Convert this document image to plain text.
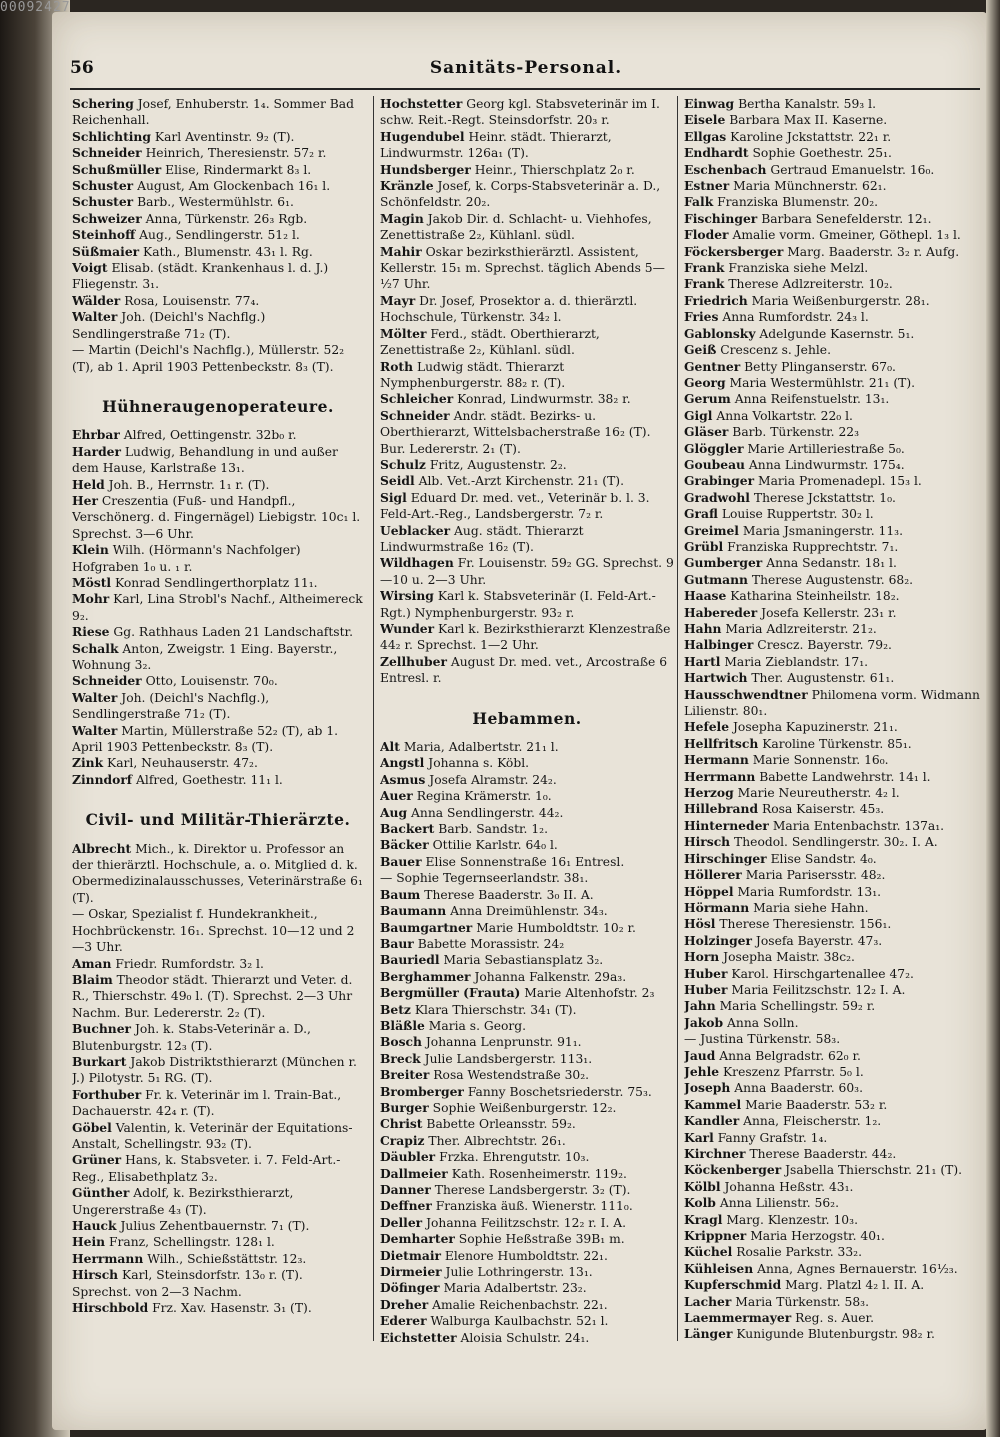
00092427
56	Sanitäts-Personal.
Schering Josef, Enhuberstr. 1₄. Sommer Bad Reichenhall.
Schlichting Karl Aventinstr. 9₂ (T).
Schneider Heinrich, Theresienstr. 57₂ r.
Schußmüller Elise, Rindermarkt 8₃ l.
Schuster August, Am Glockenbach 16₁ l.
Schuster Barb., Westermühlstr. 6₁.
Schweizer Anna, Türkenstr. 26₃ Rgb.
Steinhoff Aug., Sendlingerstr. 51₂ l.
Süßmaier Kath., Blumenstr. 43₁ l. Rg.
Voigt Elisab. (städt. Krankenhaus l. d. J.) Fliegenstr. 3₁.
Wälder Rosa, Louisenstr. 77₄.
Walter Joh. (Deichl's Nachflg.) Sendlingerstraße 71₂ (T).
— Martin (Deichl's Nachflg.), Müllerstr. 52₂ (T), ab 1. April 1903 Pettenbeckstr. 8₃ (T).
Hühneraugenoperateure.
Ehrbar Alfred, Oettingenstr. 32b₀ r.
Harder Ludwig, Behandlung in und außer dem Hause, Karlstraße 13₁.
Held Joh. B., Herrnstr. 1₁ r. (T).
Her Creszentia (Fuß- und Handpfl., Verschönerg. d. Fingernägel) Liebigstr. 10c₁ l. Sprechst. 3—6 Uhr.
Klein Wilh. (Hörmann's Nachfolger) Hofgraben 1₀ u. ₁ r.
Möstl Konrad Sendlingerthorplatz 11₁.
Mohr Karl, Lina Strobl's Nachf., Altheimereck 9₂.
Riese Gg. Rathhaus Laden 21 Landschaftstr.
Schalk Anton, Zweigstr. 1 Eing. Bayerstr., Wohnung 3₂.
Schneider Otto, Louisenstr. 70₀.
Walter Joh. (Deichl's Nachflg.), Sendlingerstraße 71₂ (T).
Walter Martin, Müllerstraße 52₂ (T), ab 1. April 1903 Pettenbeckstr. 8₃ (T).
Zink Karl, Neuhauserstr. 47₂.
Zinndorf Alfred, Goethestr. 11₁ l.
Civil- und Militär-Thierärzte.
Albrecht Mich., k. Direktor u. Professor an der thierärztl. Hochschule, a. o. Mitglied d. k. Obermedizinalausschusses, Veterinärstraße 6₁ (T).
— Oskar, Spezialist f. Hundekrankheit., Hochbrückenstr. 16₁. Sprechst. 10—12 und 2—3 Uhr.
Aman Friedr. Rumfordstr. 3₂ l.
Blaim Theodor städt. Thierarzt und Veter. d. R., Thierschstr. 49₀ l. (T). Sprechst. 2—3 Uhr Nachm. Bur. Ledererstr. 2₂ (T).
Buchner Joh. k. Stabs-Veterinär a. D., Blutenburgstr. 12₃ (T).
Burkart Jakob Distriktsthierarzt (München r. J.) Pilotystr. 5₁ RG. (T).
Forthuber Fr. k. Veterinär im l. Train-Bat., Dachauerstr. 42₄ r. (T).
Göbel Valentin, k. Veterinär der Equitations-Anstalt, Schellingstr. 93₂ (T).
Grüner Hans, k. Stabsveter. i. 7. Feld-Art.-Reg., Elisabethplatz 3₂.
Günther Adolf, k. Bezirksthierarzt, Ungererstraße 4₃ (T).
Hauck Julius Zehentbauernstr. 7₁ (T).
Hein Franz, Schellingstr. 128₁ l.
Herrmann Wilh., Schießstättstr. 12₃.
Hirsch Karl, Steinsdorfstr. 13₀ r. (T). Sprechst. von 2—3 Nachm.
Hirschbold Frz. Xav. Hasenstr. 3₁ (T).
Hochstetter Georg kgl. Stabsveterinär im I. schw. Reit.-Regt. Steinsdorfstr. 20₃ r.
Hugendubel Heinr. städt. Thierarzt, Lindwurmstr. 126a₁ (T).
Hundsberger Heinr., Thierschplatz 2₀ r.
Kränzle Josef, k. Corps-Stabsveterinär a. D., Schönfeldstr. 20₂.
Magin Jakob Dir. d. Schlacht- u. Viehhofes, Zenettistraße 2₂, Kühlanl. südl.
Mahir Oskar bezirksthierärztl. Assistent, Kellerstr. 15₁ m. Sprechst. täglich Abends 5—½7 Uhr.
Mayr Dr. Josef, Prosektor a. d. thierärztl. Hochschule, Türkenstr. 34₂ l.
Mölter Ferd., städt. Oberthierarzt, Zenettistraße 2₂, Kühlanl. südl.
Roth Ludwig städt. Thierarzt Nymphenburgerstr. 88₂ r. (T).
Schleicher Konrad, Lindwurmstr. 38₂ r.
Schneider Andr. städt. Bezirks- u. Oberthierarzt, Wittelsbacherstraße 16₂ (T). Bur. Ledererstr. 2₁ (T).
Schulz Fritz, Augustenstr. 2₂.
Seidl Alb. Vet.-Arzt Kirchenstr. 21₁ (T).
Sigl Eduard Dr. med. vet., Veterinär b. l. 3. Feld-Art.-Reg., Landsbergerstr. 7₂ r.
Ueblacker Aug. städt. Thierarzt Lindwurmstraße 16₂ (T).
Wildhagen Fr. Louisenstr. 59₂ GG. Sprechst. 9—10 u. 2—3 Uhr.
Wirsing Karl k. Stabsveterinär (I. Feld-Art.-Rgt.) Nymphenburgerstr. 93₂ r.
Wunder Karl k. Bezirksthierarzt Klenzestraße 44₂ r. Sprechst. 1—2 Uhr.
Zellhuber August Dr. med. vet., Arcostraße 6 Entresl. r.
Hebammen.
Alt Maria, Adalbertstr. 21₁ l.
Angstl Johanna s. Köbl.
Asmus Josefa Alramstr. 24₂.
Auer Regina Krämerstr. 1₀.
Aug Anna Sendlingerstr. 44₂.
Backert Barb. Sandstr. 1₂.
Bäcker Ottilie Karlstr. 64₀ l.
Bauer Elise Sonnenstraße 16₁ Entresl.
— Sophie Tegernseerlandstr. 38₁.
Baum Therese Baaderstr. 3₀ II. A.
Baumann Anna Dreimühlenstr. 34₃.
Baumgartner Marie Humboldtstr. 10₂ r.
Baur Babette Morassistr. 24₂
Bauriedl Maria Sebastiansplatz 3₂.
Berghammer Johanna Falkenstr. 29a₃.
Bergmüller (Frauta) Marie Altenhofstr. 2₃
Betz Klara Thierschstr. 34₁ (T).
Bläßle Maria s. Georg.
Bosch Johanna Lenprunstr. 91₁.
Breck Julie Landsbergerstr. 113₁.
Breiter Rosa Westendstraße 30₂.
Bromberger Fanny Boschetsriederstr. 75₃.
Burger Sophie Weißenburgerstr. 12₂.
Christ Babette Orleansstr. 59₂.
Crapiz Ther. Albrechtstr. 26₁.
Däubler Frzka. Ehrengutstr. 10₃.
Dallmeier Kath. Rosenheimerstr. 119₂.
Danner Therese Landsbergerstr. 3₂ (T).
Deffner Franziska äuß. Wienerstr. 111₀.
Deller Johanna Feilitzschstr. 12₂ r. I. A.
Demharter Sophie Heßstraße 39B₁ m.
Dietmair Elenore Humboldtstr. 22₁.
Dirmeier Julie Lothringerstr. 13₁.
Döfinger Maria Adalbertstr. 23₂.
Dreher Amalie Reichenbachstr. 22₁.
Ederer Walburga Kaulbachstr. 52₁ l.
Eichstetter Aloisia Schulstr. 24₁.
Einwag Bertha Kanalstr. 59₃ l.
Eisele Barbara Max II. Kaserne.
Ellgas Karoline Jckstattstr. 22₁ r.
Endhardt Sophie Goethestr. 25₁.
Eschenbach Gertraud Emanuelstr. 16₀.
Estner Maria Münchnerstr. 62₁.
Falk Franziska Blumenstr. 20₂.
Fischinger Barbara Senefelderstr. 12₁.
Floder Amalie vorm. Gmeiner, Göthepl. 1₃ l.
Föckersberger Marg. Baaderstr. 3₂ r. Aufg.
Frank Franziska siehe Melzl.
Frank Therese Adlzreiterstr. 10₂.
Friedrich Maria Weißenburgerstr. 28₁.
Fries Anna Rumfordstr. 24₃ l.
Gablonsky Adelgunde Kasernstr. 5₁.
Geiß Crescenz s. Jehle.
Gentner Betty Plinganserstr. 67₀.
Georg Maria Westermühlstr. 21₁ (T).
Gerum Anna Reifenstuelstr. 13₁.
Gigl Anna Volkartstr. 22₀ l.
Gläser Barb. Türkenstr. 22₃
Glöggler Marie Artilleriestraße 5₀.
Goubeau Anna Lindwurmstr. 175₄.
Grabinger Maria Promenadepl. 15₃ l.
Gradwohl Therese Jckstattstr. 1₀.
Grafl Louise Ruppertstr. 30₂ l.
Greimel Maria Jsmaningerstr. 11₃.
Grübl Franziska Rupprechtstr. 7₁.
Gumberger Anna Sedanstr. 18₁ l.
Gutmann Therese Augustenstr. 68₂.
Haase Katharina Steinheilstr. 18₂.
Habereder Josefa Kellerstr. 23₁ r.
Hahn Maria Adlzreiterstr. 21₂.
Halbinger Crescz. Bayerstr. 79₂.
Hartl Maria Zieblandstr. 17₁.
Hartwich Ther. Augustenstr. 61₁.
Hausschwendtner Philomena vorm. Widmann Lilienstr. 80₁.
Hefele Josepha Kapuzinerstr. 21₁.
Hellfritsch Karoline Türkenstr. 85₁.
Hermann Marie Sonnenstr. 16₀.
Herrmann Babette Landwehrstr. 14₁ l.
Herzog Marie Neureutherstr. 4₂ l.
Hillebrand Rosa Kaiserstr. 45₃.
Hinterneder Maria Entenbachstr. 137a₁.
Hirsch Theodol. Sendlingerstr. 30₂. I. A.
Hirschinger Elise Sandstr. 4₀.
Höllerer Maria Parisersstr. 48₂.
Höppel Maria Rumfordstr. 13₁.
Hörmann Maria siehe Hahn.
Hösl Therese Theresienstr. 156₁.
Holzinger Josefa Bayerstr. 47₃.
Horn Josepha Maistr. 38c₂.
Huber Karol. Hirschgartenallee 47₂.
Huber Maria Feilitzschstr. 12₂ I. A.
Jahn Maria Schellingstr. 59₂ r.
Jakob Anna Solln.
— Justina Türkenstr. 58₃.
Jaud Anna Belgradstr. 62₀ r.
Jehle Kreszenz Pfarrstr. 5₀ l.
Joseph Anna Baaderstr. 60₃.
Kammel Marie Baaderstr. 53₂ r.
Kandler Anna, Fleischerstr. 1₂.
Karl Fanny Grafstr. 1₄.
Kirchner Therese Baaderstr. 44₂.
Köckenberger Jsabella Thierschstr. 21₁ (T).
Kölbl Johanna Heßstr. 43₁.
Kolb Anna Lilienstr. 56₂.
Kragl Marg. Klenzestr. 10₃.
Krippner Maria Herzogstr. 40₁.
Küchel Rosalie Parkstr. 33₂.
Kühleisen Anna, Agnes Bernauerstr. 16½₃.
Kupferschmid Marg. Platzl 4₂ l. II. A.
Lacher Maria Türkenstr. 58₃.
Laemmermayer Reg. s. Auer.
Länger Kunigunde Blutenburgstr. 98₂ r.
